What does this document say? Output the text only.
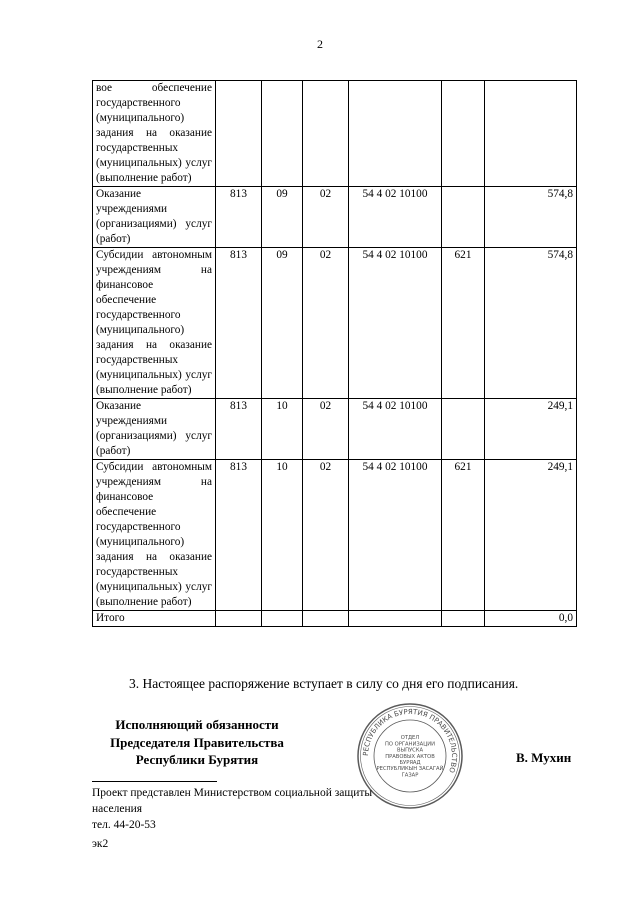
2
вое обеспечение государственного (муниципального) задания на оказание государственных (муниципальных) услуг (выполнение работ)						
Оказание учреждениями (организациями) услуг (работ)	813	09	02	54 4 02 10100		574,8
Субсидии автономным учреждениям на финансовое обеспечение государственного (муниципального) задания на оказание государственных (муниципальных) услуг (выполнение работ)	813	09	02	54 4 02 10100	621	574,8
Оказание учреждениями (организациями) услуг (работ)	813	10	02	54 4 02 10100		249,1
Субсидии автономным учреждениям на финансовое обеспечение государственного (муниципального) задания на оказание государственных (муниципальных) услуг (выполнение работ)	813	10	02	54 4 02 10100	621	249,1
Итого						0,0
3. Настоящее распоряжение вступает в силу со дня его подписания.
Исполняющий обязанности
Председателя Правительства
Республики Бурятия	РЕСПУБЛИКА БУРЯТИЯ ПРАВИТЕЛЬСТВО
ОТДЕЛ
ПО ОРГАНИЗАЦИИ
ВЫПУСКА
ПРАВОВЫХ АКТОВ
БУРЯАД
РЕСПУБЛИКЫН ЗАСАГАЙ
ГАЗАР
В. Мухин
Проект представлен Министерством социальной защиты населения
тел. 44-20-53
эк2
